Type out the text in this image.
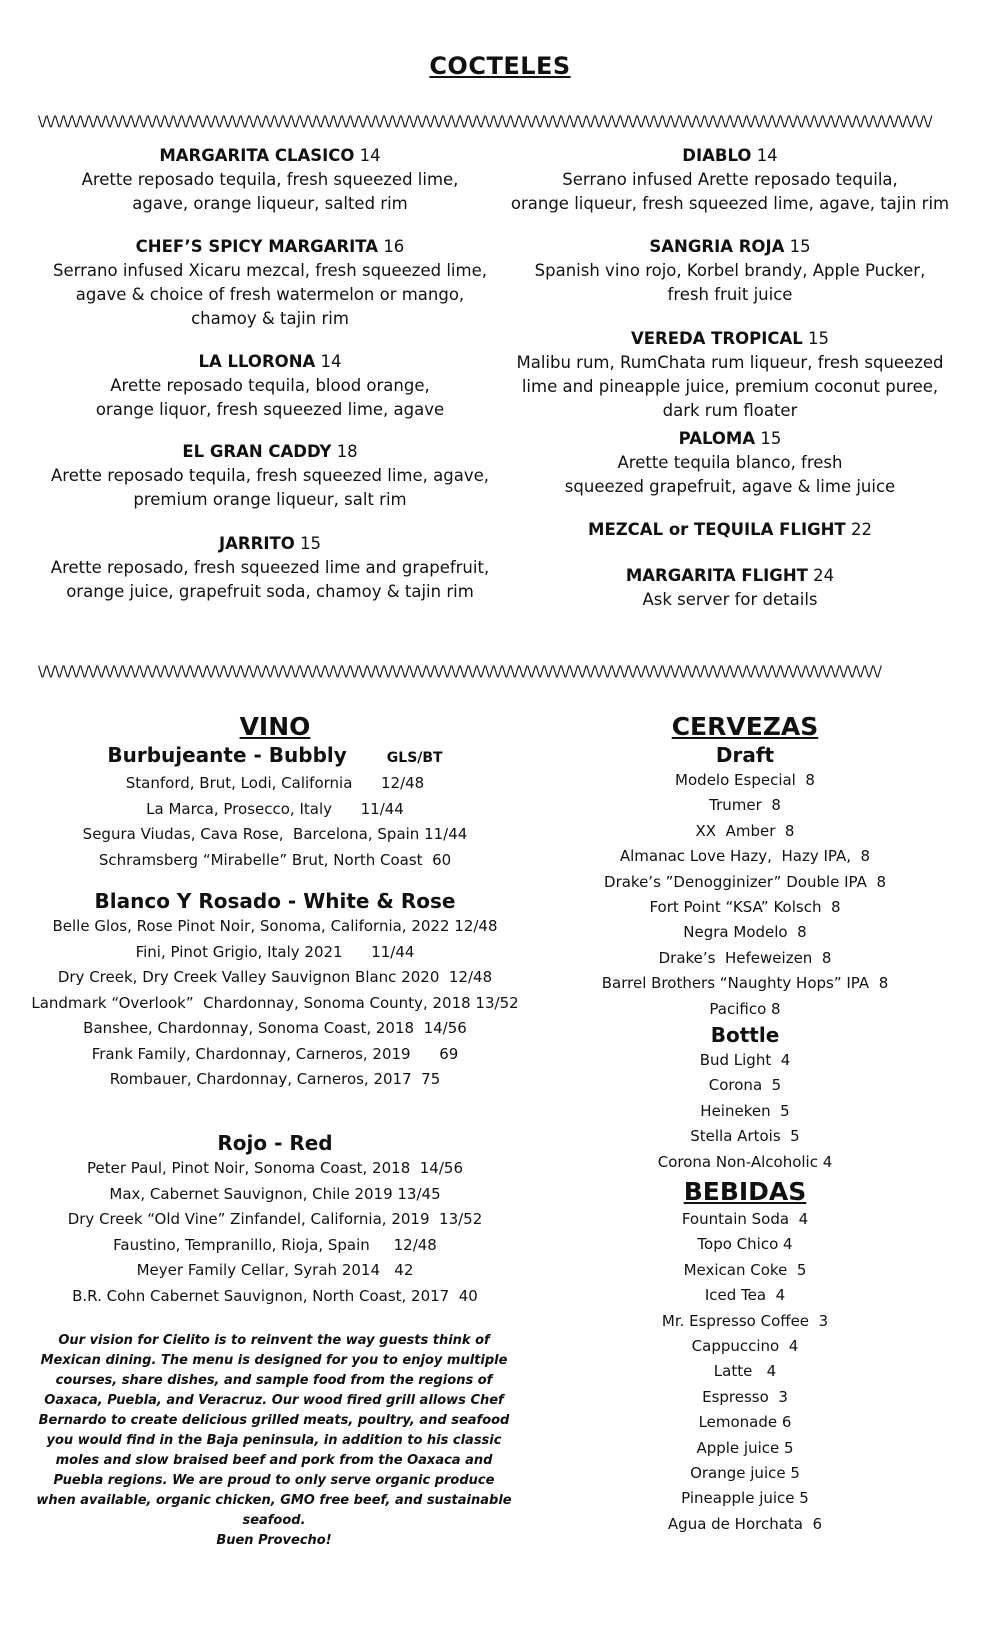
COCTELES
\/\/\/\/\/\/\/\/\/\/\/\/\/\/\/\/\/\/\/\/\/\/\/\/\/\/\/\/\/\/\/\/\/\/\/\/\/\/\/\/\/\/\/\/\/\/\/\/\/\/\/\/\/\/\/\/\/\/\/\/\/\/\/\/\/\/\/\/\/\/\/\/\/\/\/\/\/\/\/\/\/\/\/\/\/\/\/\/\/\/\/\/\/\/\/\/\/\/\/\/\/\/\/\/\/\/
MARGARITA CLASICO 14
Arette reposado tequila, fresh squeezed lime,
agave, orange liqueur, salted rim
CHEF’S SPICY MARGARITA 16
Serrano infused Xicaru mezcal, fresh squeezed lime,
agave & choice of fresh watermelon or mango,
chamoy & tajin rim
LA LLORONA 14
Arette reposado tequila, blood orange,
orange liquor, fresh squeezed lime, agave
EL GRAN CADDY 18
Arette reposado tequila, fresh squeezed lime, agave,
premium orange liqueur, salt rim
JARRITO 15
Arette reposado, fresh squeezed lime and grapefruit,
orange juice, grapefruit soda, chamoy & tajin rim
DIABLO 14
Serrano infused Arette reposado tequila,
orange liqueur, fresh squeezed lime, agave, tajin rim
SANGRIA ROJA 15
Spanish vino rojo, Korbel brandy, Apple Pucker,
fresh fruit juice
VEREDA TROPICAL 15
Malibu rum, RumChata rum liqueur, fresh squeezed
lime and pineapple juice, premium coconut puree,
dark rum floater
PALOMA 15
Arette tequila blanco, fresh
squeezed grapefruit, agave & lime juice
MEZCAL or TEQUILA FLIGHT 22
MARGARITA FLIGHT 24
Ask server for details
\/\/\/\/\/\/\/\/\/\/\/\/\/\/\/\/\/\/\/\/\/\/\/\/\/\/\/\/\/\/\/\/\/\/\/\/\/\/\/\/\/\/\/\/\/\/\/\/\/\/\/\/\/\/\/\/\/\/\/\/\/\/\/\/\/\/\/\/\/\/\/\/\/\/\/\/\/\/\/\/\/\/\/\/\/\/\/\/\/\/\/\/\/\/\/\/\/\/\/\/
VINO
Burbujeante - Bubbly	GLS/BT
Stanford, Brut, Lodi, California      12/48
La Marca, Prosecco, Italy      11/44
Segura Viudas, Cava Rose,  Barcelona, Spain 11/44
Schramsberg “Mirabelle” Brut, North Coast  60
Blanco Y Rosado - White & Rose
Belle Glos, Rose Pinot Noir, Sonoma, California, 2022 12/48
Fini, Pinot Grigio, Italy 2021      11/44
Dry Creek, Dry Creek Valley Sauvignon Blanc 2020  12/48
Landmark “Overlook”  Chardonnay, Sonoma County, 2018 13/52
Banshee, Chardonnay, Sonoma Coast, 2018  14/56
Frank Family, Chardonnay, Carneros, 2019      69
Rombauer, Chardonnay, Carneros, 2017  75
Rojo - Red
Peter Paul, Pinot Noir, Sonoma Coast, 2018  14/56
Max, Cabernet Sauvignon, Chile 2019 13/45
Dry Creek “Old Vine” Zinfandel, California, 2019  13/52
Faustino, Tempranillo, Rioja, Spain     12/48
Meyer Family Cellar, Syrah 2014   42
B.R. Cohn Cabernet Sauvignon, North Coast, 2017  40
Our vision for Cielito is to reinvent the way guests think of Mexican dining. The menu is designed for you to enjoy multiple courses, share dishes, and sample food from the regions of Oaxaca, Puebla, and Veracruz. Our wood fired grill allows Chef Bernardo to create delicious grilled meats, poultry, and seafood you would find in the Baja peninsula, in addition to his classic moles and slow braised beef and pork from the Oaxaca and Puebla regions. We are proud to only serve organic produce when available, organic chicken, GMO free beef, and sustainable seafood.
Buen Provecho!
CERVEZAS
Draft
Modelo Especial  8
Trumer  8
XX  Amber  8
Almanac Love Hazy,  Hazy IPA,  8
Drake’s ”Denogginizer” Double IPA  8
Fort Point “KSA” Kolsch  8
Negra Modelo  8
Drake’s  Hefeweizen  8
Barrel Brothers “Naughty Hops” IPA  8
Pacifico 8
Bottle
Bud Light  4
Corona  5
Heineken  5
Stella Artois  5
Corona Non-Alcoholic 4
BEBIDAS
Fountain Soda  4
Topo Chico 4
Mexican Coke  5
Iced Tea  4
Mr. Espresso Coffee  3
Cappuccino  4
Latte   4
Espresso  3
Lemonade 6
Apple juice 5
Orange juice 5
Pineapple juice 5
Agua de Horchata  6
